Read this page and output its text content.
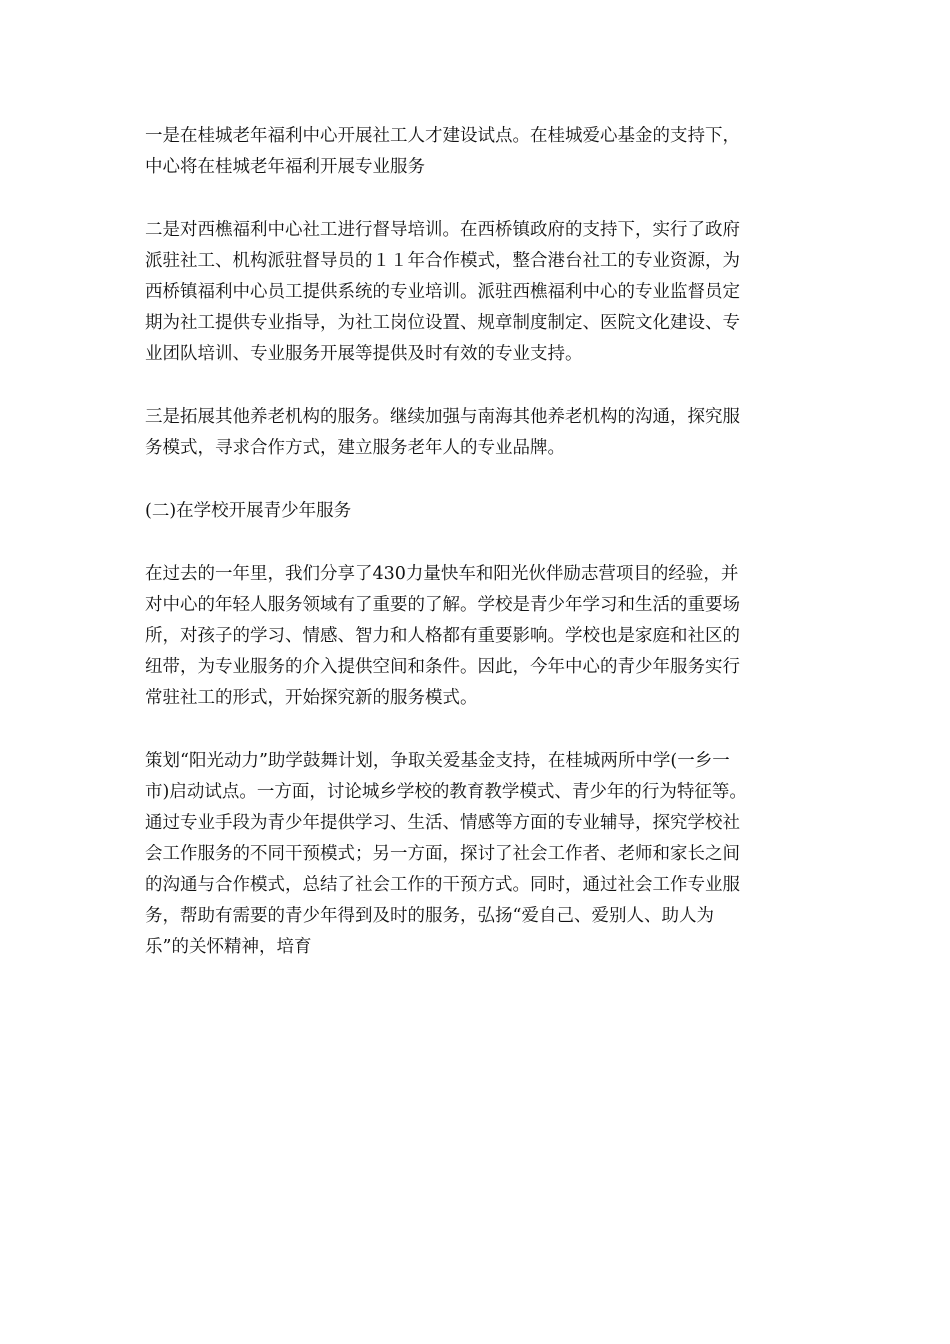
一是在桂城老年福利中心开展社工人才建设试点。在桂城爱心基金的支持下，
中心将在桂城老年福利开展专业服务

二是对西樵福利中心社工进行督导培训。在西桥镇政府的支持下，实行了政府
派驻社工、机构派驻督导员的１１年合作模式，整合港台社工的专业资源，为
西桥镇福利中心员工提供系统的专业培训。派驻西樵福利中心的专业监督员定
期为社工提供专业指导，为社工岗位设置、规章制度制定、医院文化建设、专
业团队培训、专业服务开展等提供及时有效的专业支持。

三是拓展其他养老机构的服务。继续加强与南海其他养老机构的沟通，探究服
务模式，寻求合作方式，建立服务老年人的专业品牌。

(二)在学校开展青少年服务

在过去的一年里，我们分享了430力量快车和阳光伙伴励志营项目的经验，并
对中心的年轻人服务领域有了重要的了解。学校是青少年学习和生活的重要场
所，对孩子的学习、情感、智力和人格都有重要影响。学校也是家庭和社区的
纽带，为专业服务的介入提供空间和条件。因此，今年中心的青少年服务实行
常驻社工的形式，开始探究新的服务模式。

策划“阳光动力”助学鼓舞计划，争取关爱基金支持，在桂城两所中学(一乡一
市)启动试点。一方面，讨论城乡学校的教育教学模式、青少年的行为特征等。
通过专业手段为青少年提供学习、生活、情感等方面的专业辅导，探究学校社
会工作服务的不同干预模式；另一方面，探讨了社会工作者、老师和家长之间
的沟通与合作模式，总结了社会工作的干预方式。同时，通过社会工作专业服
务，帮助有需要的青少年得到及时的服务，弘扬“爱自己、爱别人、助人为
乐”的关怀精神，培育
